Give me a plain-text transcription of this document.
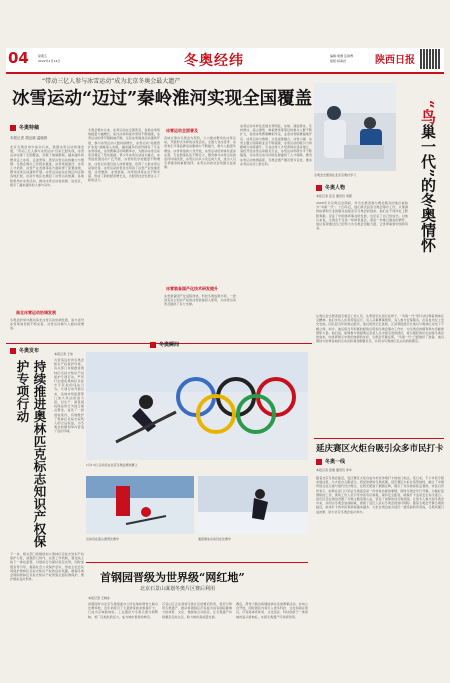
04	星期五
2022年1月14日	冬奥经纬	编辑:梁珊 张锦博
组版:杨海岩	陕西日报
“带动三亿人参与冰雪运动”成为北京冬奥会最大遗产
冰雪运动“迈过”秦岭淮河实现全国覆盖
冬奥特稿
本报记者 胡念斌 温晓晨
北京冬奥会申办成功以来，我国冰雪运动快速发展，“带动三亿人参与冰雪运动”目标已经实现，冰雪运动实现了全国覆盖，突破了地域限制，越来越多的群众走上冰场、走进雪场，感受冰雪运动的魅力与激情。冬奥会筹办工作稳步推进，冰雪场馆建设、冰雪人才培养、冰雪产业发展等各方面取得了显著成效，群众冰雪运动蓬勃开展。冰雪运动由东北地区向全国各地扩展，在南方地区也掀起了冰雪运动热潮，各地积极举办冰雪活动，推动冰雪运动进校园、进社区，吸引了越来越多的人参与其中。
南北冰雪运动协调发展
冬奥会的举办推动南北冰雪运动协调发展，南方省份冰雪场地设施不断完善，冰雪运动参与人数持续增加。
冬奥会筹办以来，冰雪运动在全国普及，各地冰雪场地数量大幅增长。室内冰场和室外雪场不断涌现，冰雪运动的季节限制被打破，全民冰雪健身活动蓬勃开展，参与冰雪运动人数持续增长，冰雪运动“南展西扩东进”战略深入实施，越来越多的省份拥有了专业冰雪场地，冰雪赛事活动频繁举办，为推动冰雪运动普及奠定了坚实基础。青少年冰雪运动成为重点，冰雪进校园活动广泛开展，冰雪特色学校数量不断增加，冰雪运动项目进入体育课堂，培养了大批冰雪运动爱好者。冰雪运动的普及也带动了冰雪产业快速发展，冰雪旅游、冰雪装备、冰雪培训等业态不断丰富，形成了新的经济增长点，为经济社会发展注入了新的活力。
冰雪运动全面普及
各地以筹办冬奥会为契机，大力推动群众性冰雪运动，开展形式多样的冰雪活动，全国大众冰雪季、冰雪欢乐节等品牌活动影响力不断提升，参与人数逐年增加。冰雪场馆向公众开放，冰雪运动培训体系逐步完善，专业教练队伍不断壮大，群众参与冰雪运动的条件持续改善，冰雪运动从小众走向大众，成为人们冬季健身的重要选择，冰雪运动的社会氛围日益浓厚。
冰雪装备国产化技术研发提升
冰雪装备国产化进程加快，科技冬奥成果丰硕，一批具有自主知识产权的冰雪装备投入使用，为冰雪运动普及提供了有力支撑。
冰雪运动多样化发展态势明显，冰球、速度滑冰、花样滑冰、高山滑雪、单板滑雪等项目的参与人群不断扩大，各类冰雪赛事精彩纷呈，业余冰雪联赛遍地开花。冰雪运动与旅游、文化深度融合，冰雪小镇、冰雪主题公园等新业态不断涌现，冰雪运动的吸引力和影响力持续提升。专业冰雪人才培养体系逐步建立，高校开设冰雪运动相关专业，冰雪运动科研水平不断提高，为冰雪运动可持续发展提供了人才保障，群众冰雪运动热情高涨，冬奥会遗产惠及更多百姓，推动冰雪运动迈上新台阶。
“鸟巢一代”的冬奥情怀
冬奥会志愿者在北京冬奥村学习
冬奥人物
本报记者 张宝 通讯员 刘霞
2008年北京奥运会期间，作为志愿者参与赛会服务的他们被称为“鸟巢一代”。十四年后，他们再次投身冬奥会筹办工作，以饱满的热情和专业的服务迎接北京冬奥会的到来。他们在不同岗位上默默奉献，见证了中国体育事业的发展，也见证了自己的成长。对他们来说，冬奥会不仅是一场体育盛会，更是一份难以割舍的情怀，他们希望通过自己的努力为冬奥会贡献力量，让世界看到中国的风采。
从奥运会志愿者到冬奥会工作人员，从青涩学生到行业骨干，“鸟巢一代”用行动诠释着奥林匹克精神。他们中有人负责场馆运行，有人从事赛事组织，有人参与安保服务，在各自岗位上发光发热。回忆起当年的奥运经历，他们依然记忆犹新，正是那段经历让他们与奥林匹克结下不解之缘。如今，他们将当年积累的经验运用到冬奥会筹办工作中，为冬奥会的顺利举办贡献智慧和力量。他们说，能够参与两届奥运会是人生中最宝贵的经历，将以最好的状态迎接冬奥会的到来，向世界展示中国的热情和友好。冬奥会开幕在即，“鸟巢一代”已经做好了准备，他们期待与世界各地的运动员和观众相聚北京，共同书写奥林匹克运动的新篇章。
冬奥发布
持续推进奥林匹克标志知识产权保护专项行动
本报记者 王伟
为营造良好的冬奥会知识产权保护环境，有关部门持续推进奥林匹克标志知识产权保护专项行动，严厉打击侵犯奥林匹克标志专有权的违法行为。专项行动开展以来，各地市场监管部门加大执法检查力度，对生产、销售侵权商品的行为进行重点整治，查处了一批侵权案件，有效维护了奥林匹克标志权利人的合法权益，为冬奥会的顺利举办营造了良好环境。
下一步，相关部门将继续加大奥林匹克标志知识产权保护力度，加强部门协作，完善工作机制，强化线上线下一体化监管，对侵权行为保持高压态势，同时加强宣传引导，提高社会公众保护意识，形成全社会共同保护奥林匹克标志知识产权的良好氛围，确保冬奥会期间奥林匹克标志知识产权得到全面有效保护，维护国家良好形象。
冬奥瞬间
1月13日,运动员在北京冬奥会测试赛上
运动员在高山滑雪比赛中	速度滑冰运动员在比赛中
延庆赛区火炬台吸引众多市民打卡
冬奥一线
本报记者 张维 通讯员 李华
随着北京冬奥会临近，延庆赛区火炬台成为市民争相打卡的热门地点。连日来，不少市民专程来到这里，与火炬台合影留念，感受浓厚的冬奥氛围。延庆赛区火炬台造型独特，融合了中国传统文化元素与现代设计理念，在阳光照射下熠熠生辉，吸引了众多游客驻足观赏。市民们纷纷表示，能够在家门口见证冬奥盛会是一件非常自豪的事情，期待冬奥会早日开幕。为做好疫情防控工作，现场工作人员引导市民有序参观，保持安全距离，确保打卡活动安全有序进行。延庆区还在周边设置了冬奥主题景观小品，营造了浓厚的迎冬奥氛围，让更多人参与到冬奥会中来，共同为冬奥会加油助威，展现了延庆人民对冬奥会的热切期盼。随着冬奥会开幕日期的临近，前来打卡的市民和游客越来越多，火炬台周边成为延庆一道亮丽的风景线，冬奥氛围日益浓厚，助力北京冬奥会成功举办。
首钢园晋级为世界级“网红地”
北京石景山谋划冬奥片区赛后利用
本报记者 王晓东
首钢园作为北京冬奥组委办公所在地和滑雪大跳台比赛场地，近年来吸引了大量游客前来参观打卡，已成为京城新地标。工业遗存与冬奥元素交相辉映，老厂区焕发新活力，成为城市更新的典范。
石景山区正在谋划冬奥片区的赛后利用，将充分利用冬奥遗产，推动首钢园区打造成为具有国际影响力的体育、文化、旅游综合功能区，让冬奥遗产持续惠及百姓生活，助力城市高质量发展。
赛后，滑雪大跳台将继续承办各类赛事活动，并向公众开放，同时园区内将引入更多科技、文化和商业项目，打造集体育休闲、文化创意、科技创新于一体的城市复兴新地标，实现冬奥遗产可持续利用。
